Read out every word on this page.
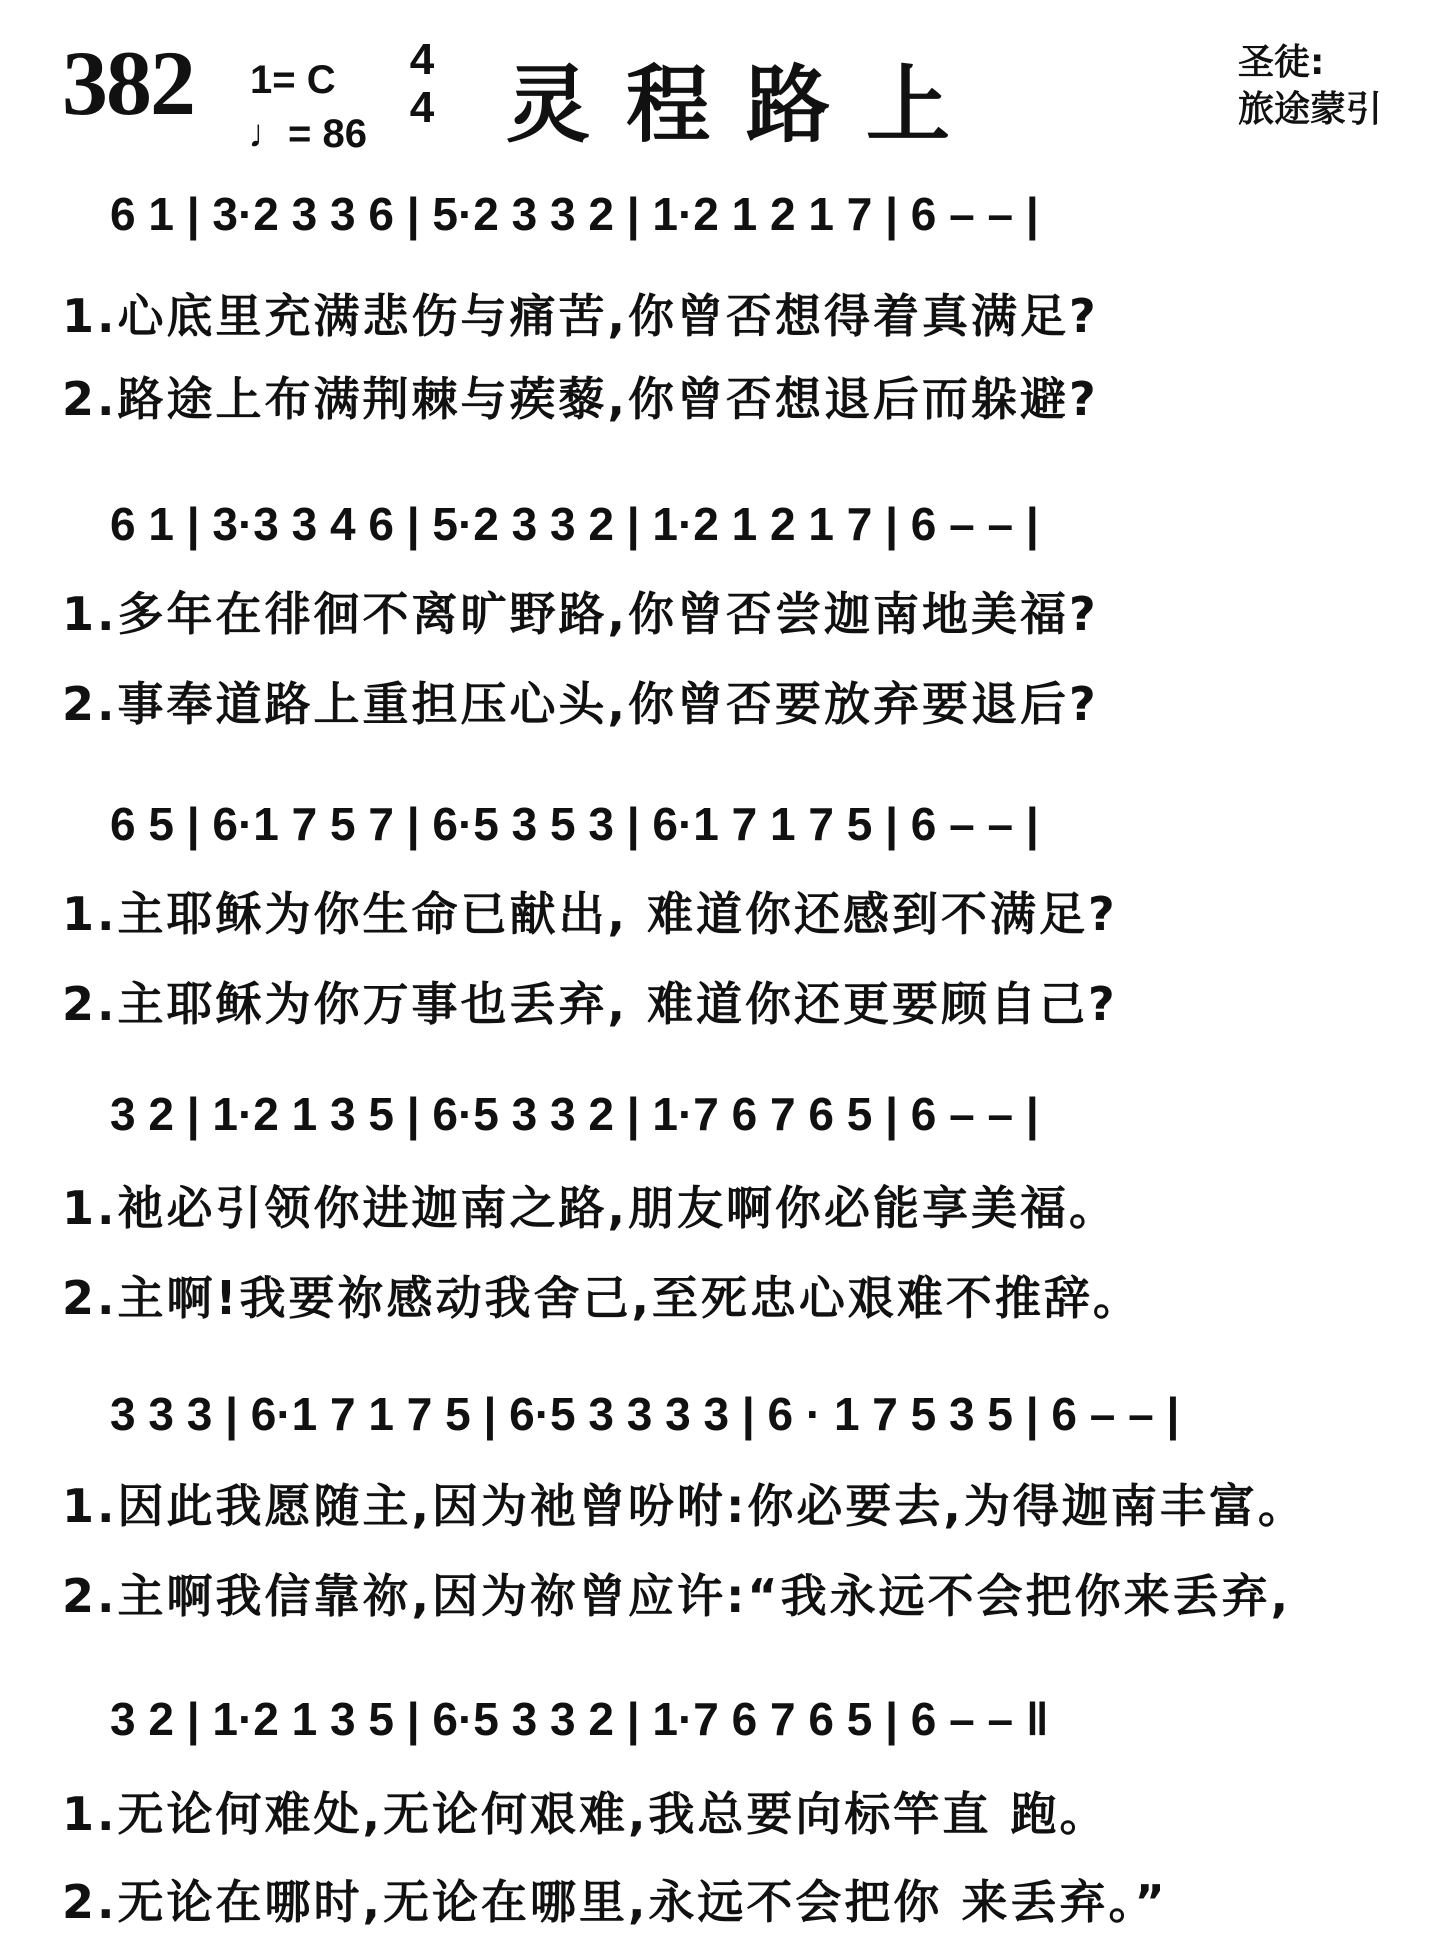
382 1= C
♩= 86
4
4 灵程路上	圣徒:
旅途蒙引
6 1 | 3·2 3 3 6 | 5·2 3 3 2 | 1·2 1 2 1 7 | 6 – – |
1.心底里充满悲伤与痛苦,你曾否想得着真满足?
2.路途上布满荆棘与蒺藜,你曾否想退后而躲避?
6 1 | 3·3 3 4 6 | 5·2 3 3 2 | 1·2 1 2 1 7 | 6 – – |
1.多年在徘徊不离旷野路,你曾否尝迦南地美福?
2.事奉道路上重担压心头,你曾否要放弃要退后?
6 5 | 6·1 7 5 7 | 6·5 3 5 3 | 6·1 7 1 7 5 | 6 – – |
1.主耶稣为你生命已献出, 难道你还感到不满足?
2.主耶稣为你万事也丢弃, 难道你还更要顾自己?
3 2 | 1·2 1 3 5 | 6·5 3 3 2 | 1·7 6 7 6 5 | 6 – – |
1.祂必引领你进迦南之路,朋友啊你必能享美福。
2.主啊!我要祢感动我舍己,至死忠心艰难不推辞。
3 3 3 | 6·1 7 1 7 5 | 6·5 3 3 3 3 | 6 · 1 7 5 3 5 | 6 – – |
1.因此我愿随主,因为祂曾吩咐:你必要去,为得迦南丰富。
2.主啊我信靠祢,因为祢曾应许:“我永远不会把你来丢弃,
3 2 | 1·2 1 3 5 | 6·5 3 3 2 | 1·7 6 7 6 5 | 6 – – ‖
1.无论何难处,无论何艰难,我总要向标竿直 跑。
2.无论在哪时,无论在哪里,永远不会把你 来丢弃。”
